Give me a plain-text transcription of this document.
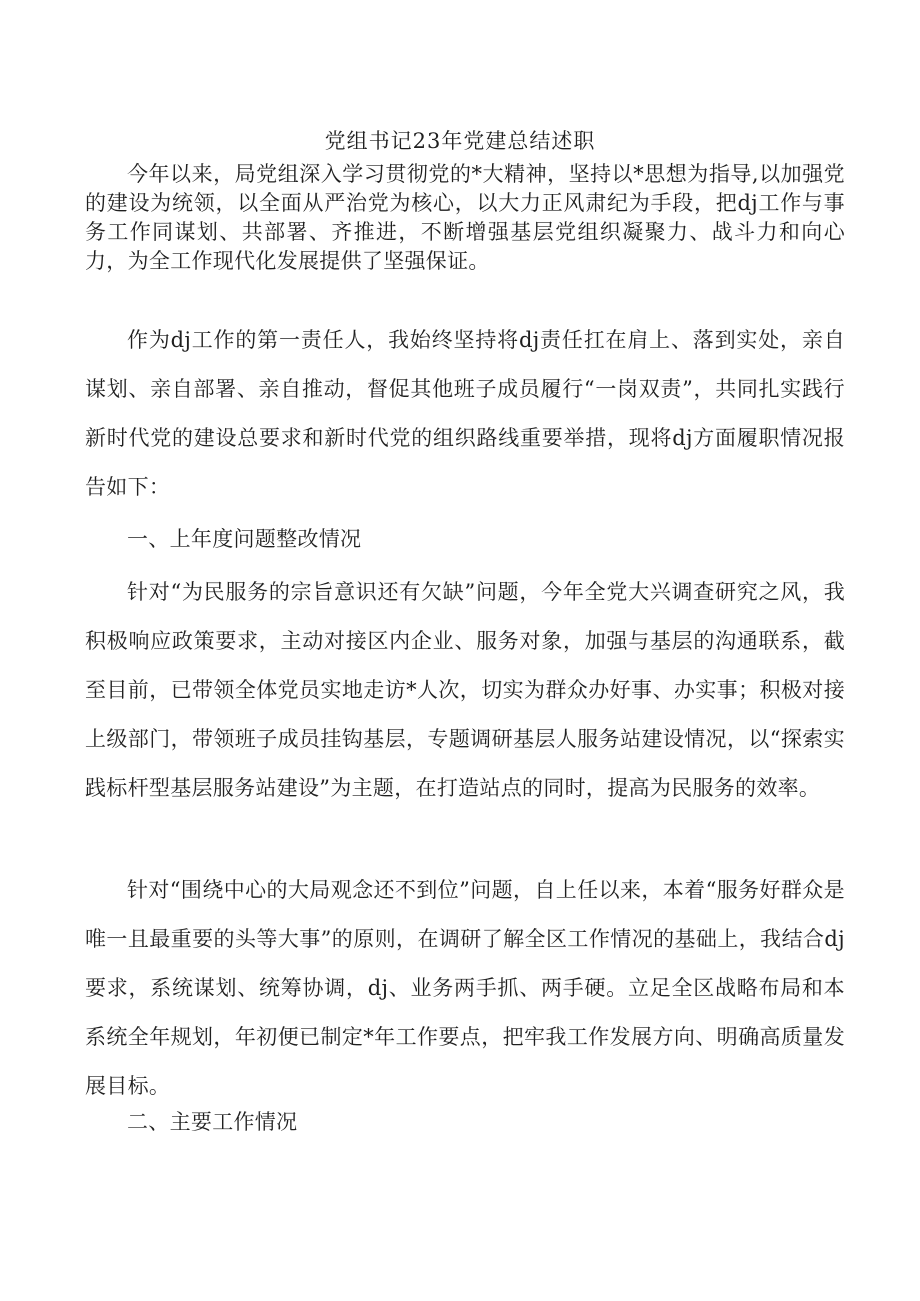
党组书记23年党建总结述职

今年以来，局党组深入学习贯彻党的*大精神，坚持以*思想为指导,以加强党的建设为统领，以全面从严治党为核心，以大力正风肃纪为手段，把dj工作与事务工作同谋划、共部署、齐推进，不断增强基层党组织凝聚力、战斗力和向心力，为全工作现代化发展提供了坚强保证。

作为dj工作的第一责任人，我始终坚持将dj责任扛在肩上、落到实处，亲自谋划、亲自部署、亲自推动，督促其他班子成员履行“一岗双责”，共同扎实践行新时代党的建设总要求和新时代党的组织路线重要举措，现将dj方面履职情况报告如下：

一、上年度问题整改情况

针对“为民服务的宗旨意识还有欠缺”问题，今年全党大兴调查研究之风，我积极响应政策要求，主动对接区内企业、服务对象，加强与基层的沟通联系，截至目前，已带领全体党员实地走访*人次，切实为群众办好事、办实事；积极对接上级部门，带领班子成员挂钩基层，专题调研基层人服务站建设情况，以“探索实践标杆型基层服务站建设”为主题，在打造站点的同时，提高为民服务的效率。

针对“围绕中心的大局观念还不到位”问题，自上任以来，本着“服务好群众是唯一且最重要的头等大事”的原则，在调研了解全区工作情况的基础上，我结合dj要求，系统谋划、统筹协调，dj、业务两手抓、两手硬。立足全区战略布局和本系统全年规划，年初便已制定*年工作要点，把牢我工作发展方向、明确高质量发展目标。

二、主要工作情况
